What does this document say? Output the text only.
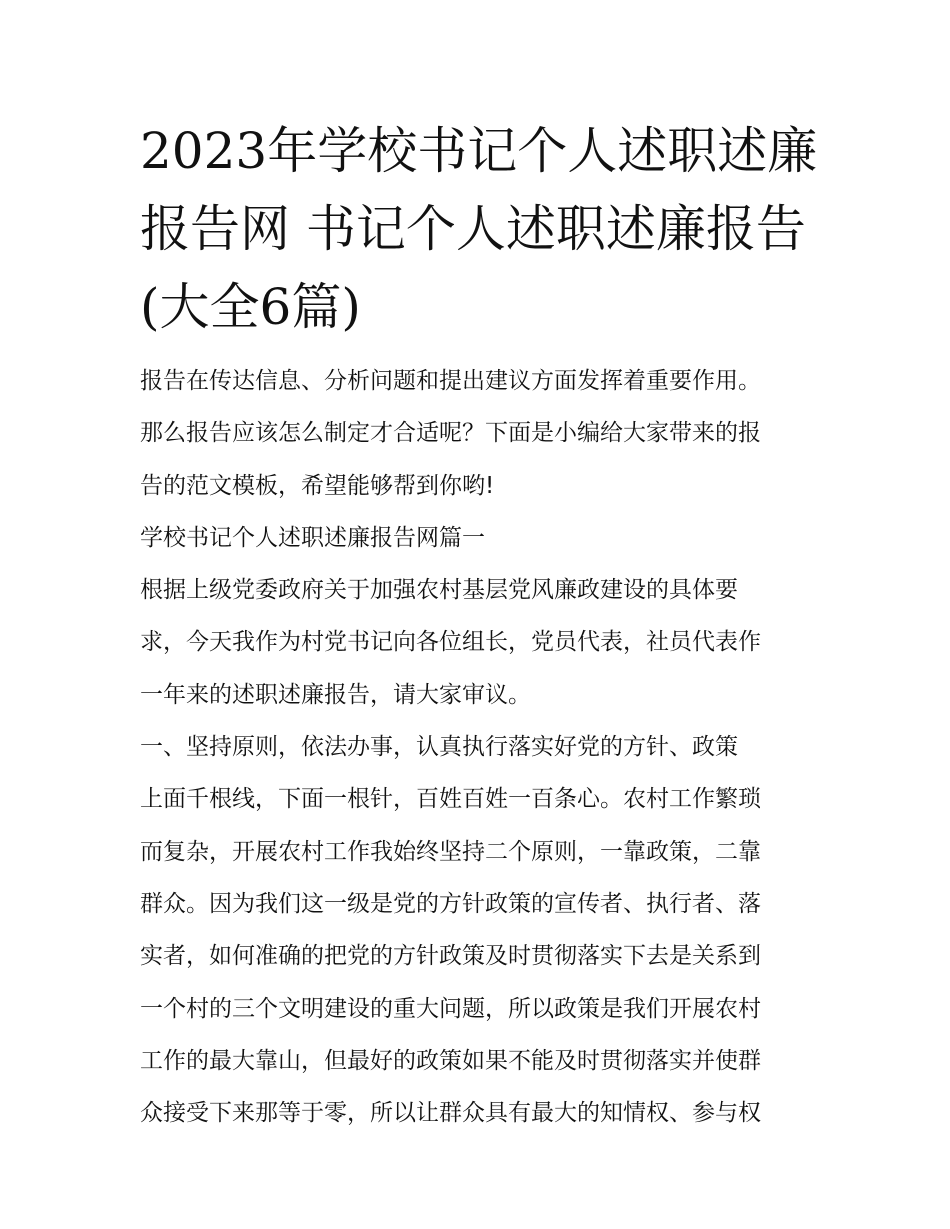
2023年学校书记个人述职述廉
报告网 书记个人述职述廉报告
(大全6篇)
报告在传达信息、分析问题和提出建议方面发挥着重要作用。
那么报告应该怎么制定才合适呢？下面是小编给大家带来的报
告的范文模板，希望能够帮到你哟!
学校书记个人述职述廉报告网篇一
根据上级党委政府关于加强农村基层党风廉政建设的具体要
求，今天我作为村党书记向各位组长，党员代表，社员代表作
一年来的述职述廉报告，请大家审议。
一、坚持原则，依法办事，认真执行落实好党的方针、政策
上面千根线，下面一根针，百姓百姓一百条心。农村工作繁琐
而复杂，开展农村工作我始终坚持二个原则，一靠政策，二靠
群众。因为我们这一级是党的方针政策的宣传者、执行者、落
实者，如何准确的把党的方针政策及时贯彻落实下去是关系到
一个村的三个文明建设的重大问题，所以政策是我们开展农村
工作的最大靠山，但最好的政策如果不能及时贯彻落实并使群
众接受下来那等于零，所以让群众具有最大的知情权、参与权
